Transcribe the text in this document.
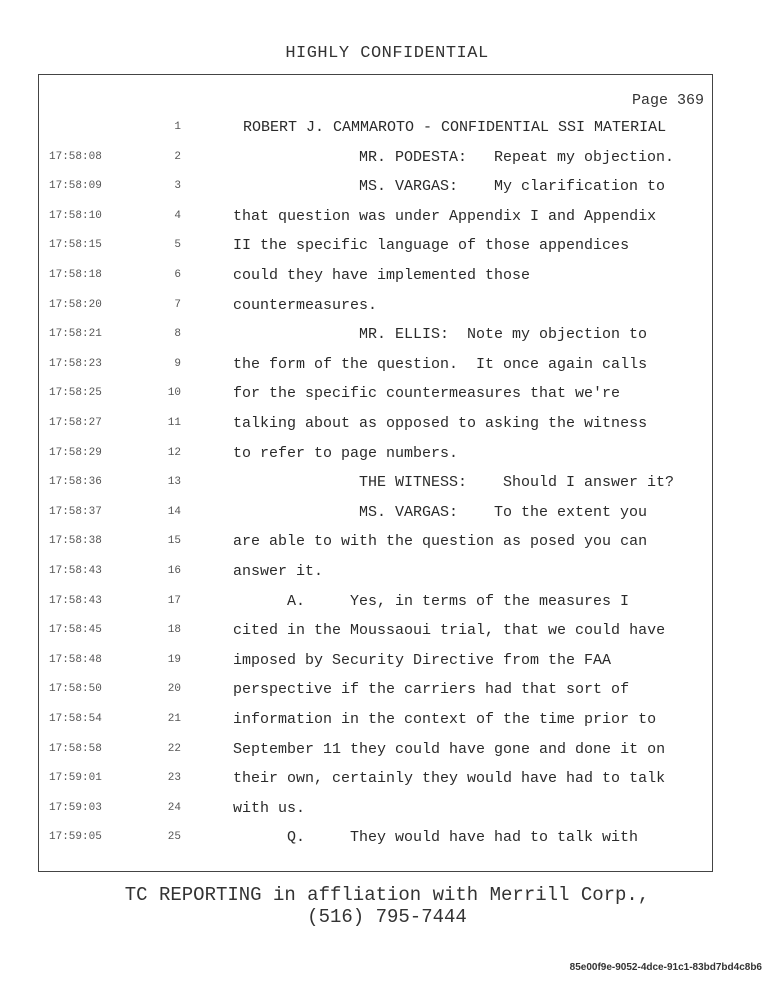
HIGHLY CONFIDENTIAL
Page 369
1	ROBERT J. CAMMAROTO - CONFIDENTIAL SSI MATERIAL
17:58:08	2	MR. PODESTA:   Repeat my objection.
17:58:09	3	MS. VARGAS:    My clarification to
17:58:10	4	that question was under Appendix I and Appendix
17:58:15	5	II the specific language of those appendices
17:58:18	6	could they have implemented those
17:58:20	7	countermeasures.
17:58:21	8	MR. ELLIS:  Note my objection to
17:58:23	9	the form of the question.  It once again calls
17:58:25	10	for the specific countermeasures that we're
17:58:27	11	talking about as opposed to asking the witness
17:58:29	12	to refer to page numbers.
17:58:36	13	THE WITNESS:    Should I answer it?
17:58:37	14	MS. VARGAS:    To the extent you
17:58:38	15	are able to with the question as posed you can
17:58:43	16	answer it.
17:58:43	17	A.     Yes, in terms of the measures I
17:58:45	18	cited in the Moussaoui trial, that we could have
17:58:48	19	imposed by Security Directive from the FAA
17:58:50	20	perspective if the carriers had that sort of
17:58:54	21	information in the context of the time prior to
17:58:58	22	September 11 they could have gone and done it on
17:59:01	23	their own, certainly they would have had to talk
17:59:03	24	with us.
17:59:05	25	Q.     They would have had to talk with
TC REPORTING in affliation with Merrill Corp.,
(516) 795-7444
85e00f9e-9052-4dce-91c1-83bd7bd4c8b6
